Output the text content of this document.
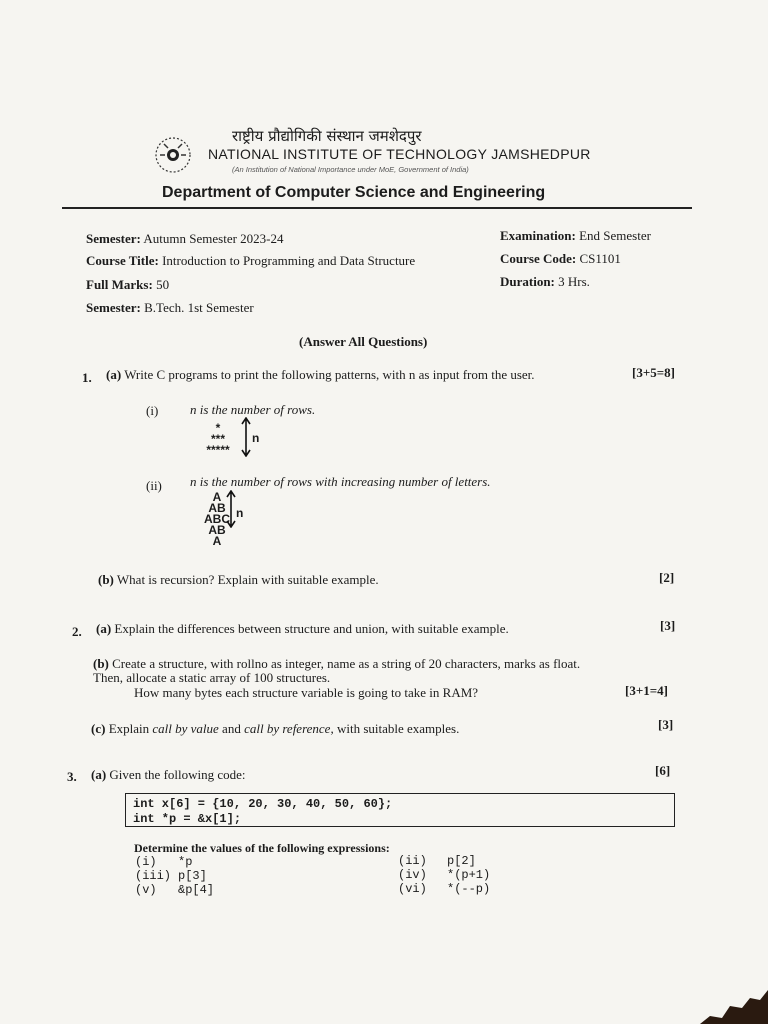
राष्ट्रीय प्रौद्योगिकी संस्थान जमशेदपुर
NATIONAL INSTITUTE OF TECHNOLOGY JAMSHEDPUR
(An Institution of National Importance under MoE, Government of India)
Department of Computer Science and Engineering
Semester: Autumn Semester 2023-24
Course Title: Introduction to Programming and Data Structure
Full Marks: 50
Semester: B.Tech. 1st Semester
Examination: End Semester
Course Code: CS1101
Duration: 3 Hrs.
(Answer All Questions)
1. (a) Write C programs to print the following patterns, with n as input from the user.	[3+5=8]
(i) n is the number of rows.
*
***
*****
n
(ii) n is the number of rows with increasing number of letters.
A
AB
ABC
AB
A
n
(b) What is recursion? Explain with suitable example.	[2]
2. (a) Explain the differences between structure and union, with suitable example.	[3]
(b) Create a structure, with rollno as integer, name as a string of 20 characters, marks as float.
Then, allocate a static array of 100 structures.
How many bytes each structure variable is going to take in RAM?	[3+1=4]
(c) Explain call by value and call by reference, with suitable examples.	[3]
3. (a) Given the following code:	[6]
int x[6] = {10, 20, 30, 40, 50, 60};
int *p = &x[1];
Determine the values of the following expressions:
(i) *p	(ii) p[2]
(iii) p[3]	(iv) *(p+1)
(v) &p[4]	(vi) *(--p)
